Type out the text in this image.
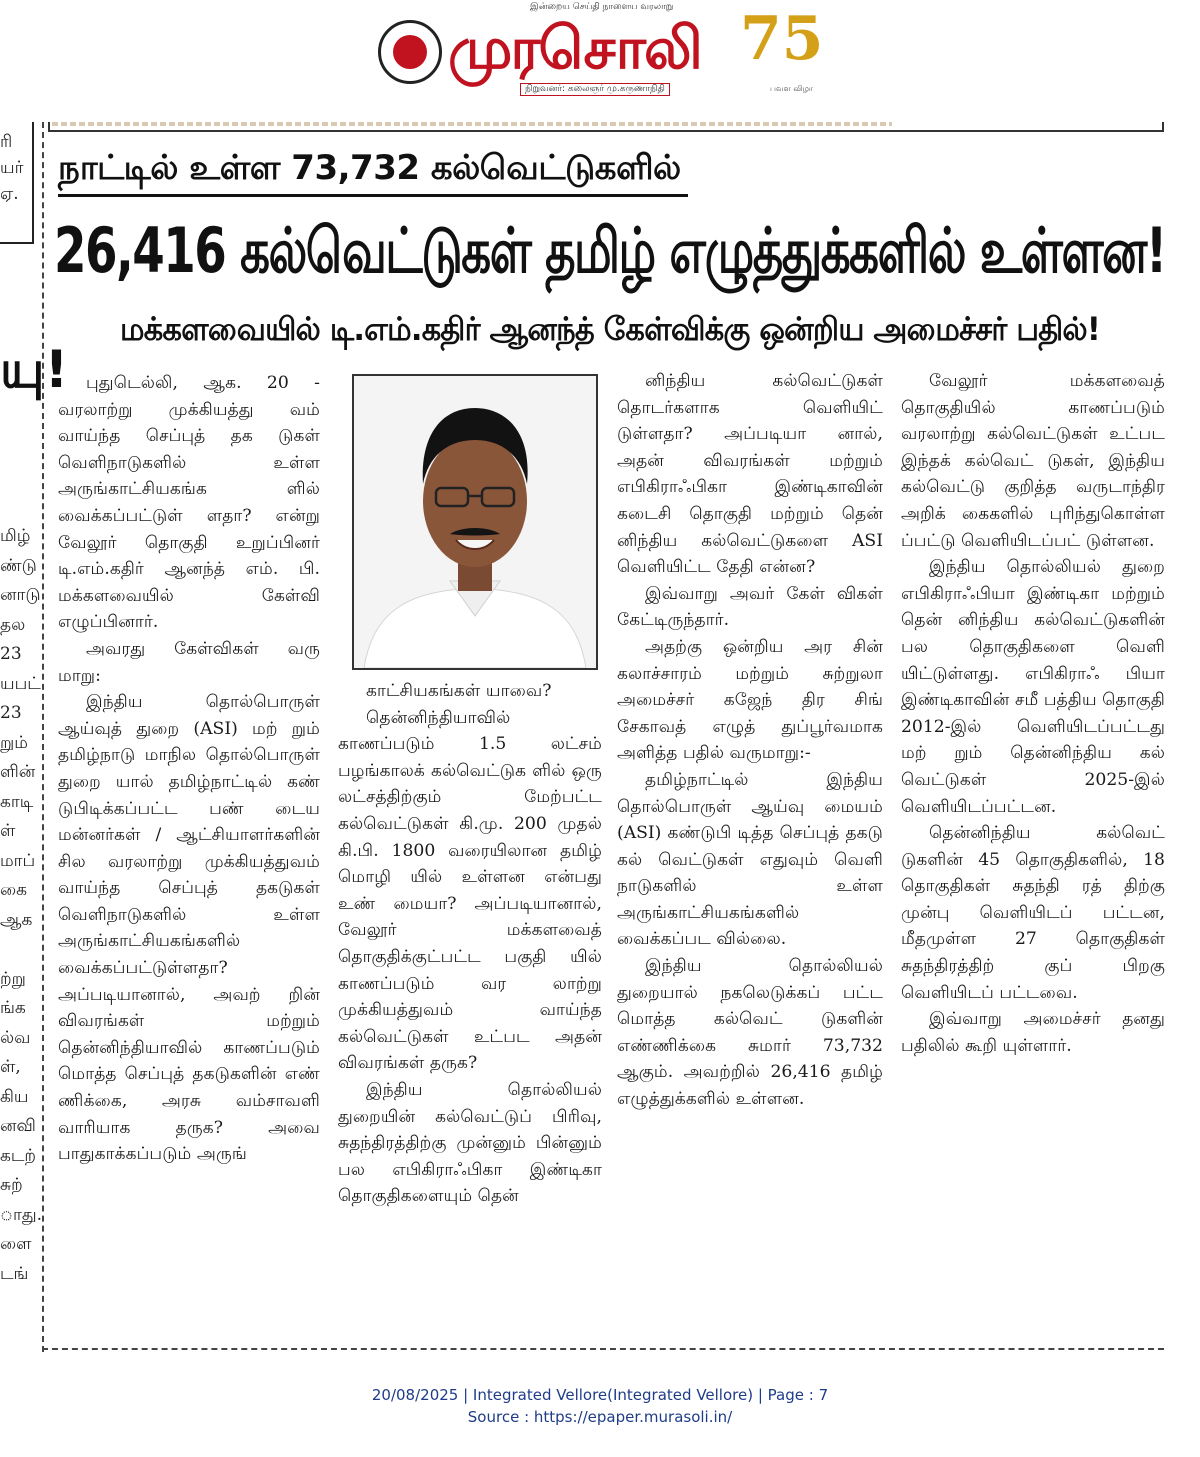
இன்றைய செய்தி நாளைய வரலாறு
முரசொலி
நிறுவனர்: கலைஞர் மு.கருணாநிதி
75
பவள விழா
ரி
யர்
ஏ.
யு!
மிழ்
ண்டு
னாடு
தல
23
யபட்
23
றும்
ளின்
காடி
ள்
மாப்
கை
ஆக
ற்று
ங்க
ல்வ
ள்,
கிய
னவி
கடற்
சுற்
ாது.
ளை
டங்
நாட்டில் உள்ள 73,732 கல்வெட்டுகளில்
26,416 கல்வெட்டுகள் தமிழ் எழுத்துக்களில் உள்ளன!
மக்களவையில் டி.எம்.கதிர் ஆனந்த் கேள்விக்கு ஒன்றிய அமைச்சர் பதில்!

புதுடெல்லி, ஆக. 20 - வரலாற்று முக்கியத்து வம் வாய்ந்த செப்புத் தக டுகள் வெளிநாடுகளில் உள்ள அருங்காட்சியகங்க ளில் வைக்கப்பட்டுள் ளதா? என்று வேலூர் தொகுதி உறுப்பினர் டி.எம்.கதிர் ஆனந்த் எம். பி. மக்களவையில் கேள்வி எழுப்பினார்.

அவரது கேள்விகள் வரு மாறு:

இந்திய தொல்பொருள் ஆய்வுத் துறை (ASI) மற் றும் தமிழ்நாடு மாநில தொல்பொருள் துறை யால் தமிழ்நாட்டில் கண் டுபிடிக்கப்பட்ட பண் டைய மன்னர்கள் / ஆட்சியாளர்களின் சில வரலாற்று முக்கியத்துவம் வாய்ந்த செப்புத் தகடுகள் வெளிநாடுகளில் உள்ள அருங்காட்சியகங்களில் வைக்கப்பட்டுள்ளதா? அப்படியானால், அவற் றின் விவரங்கள் மற்றும் தென்னிந்தியாவில் காணப்படும் மொத்த செப்புத் தகடுகளின் எண் ணிக்கை, அரசு வம்சாவளி வாரியாக தருக? அவை பாதுகாக்கப்படும் அருங்

காட்சியகங்கள் யாவை?

தென்னிந்தியாவில் காணப்படும் 1.5 லட்சம் பழங்காலக் கல்வெட்டுக ளில் ஒரு லட்சத்திற்கும் மேற்பட்ட கல்வெட்டுகள் கி.மு. 200 முதல் கி.பி. 1800 வரையிலான தமிழ் மொழி யில் உள்ளன என்பது உண் மையா? அப்படியானால், வேலூர் மக்களவைத் தொகுதிக்குட்பட்ட பகுதி யில் காணப்படும் வர லாற்று முக்கியத்துவம் வாய்ந்த கல்வெட்டுகள் உட்பட அதன் விவரங்கள் தருக?

இந்திய தொல்லியல் துறையின் கல்வெட்டுப் பிரிவு, சுதந்திரத்திற்கு முன்னும் பின்னும் பல எபிகிராஃபிகா இண்டிகா தொகுதிகளையும் தென்

னிந்திய கல்வெட்டுகள் தொடர்களாக வெளியிட் டுள்ளதா? அப்படியா னால், அதன் விவரங்கள் மற்றும் எபிகிராஃபிகா இண்டிகாவின் கடைசி தொகுதி மற்றும் தென் னிந்திய கல்வெட்டுகளை ASI வெளியிட்ட தேதி என்ன?

இவ்வாறு அவர் கேள் விகள் கேட்டிருந்தார்.

அதற்கு ஒன்றிய அர சின் கலாச்சாரம் மற்றும் சுற்றுலா அமைச்சர் கஜேந் திர சிங் சேகாவத் எழுத் துப்பூர்வமாக அளித்த பதில் வருமாறு:-

தமிழ்நாட்டில் இந்திய தொல்பொருள் ஆய்வு மையம் (ASI) கண்டுபி டித்த செப்புத் தகடு கல் வெட்டுகள் எதுவும் வெளி நாடுகளில் உள்ள அருங்காட்சியகங்களில் வைக்கப்பட வில்லை.

இந்திய தொல்லியல் துறையால் நகலெடுக்கப் பட்ட மொத்த கல்வெட் டுகளின் எண்ணிக்கை சுமார் 73,732 ஆகும். அவற்றில் 26,416 தமிழ் எழுத்துக்களில் உள்ளன.

வேலூர் மக்களவைத் தொகுதியில் காணப்படும் வரலாற்று கல்வெட்டுகள் உட்பட இந்தக் கல்வெட் டுகள், இந்திய கல்வெட்டு குறித்த வருடாந்திர அறிக் கைகளில் புரிந்துகொள்ள ப்பட்டு வெளியிடப்பட் டுள்ளன.

இந்திய தொல்லியல் துறை எபிகிராஃபியா இண்டிகா மற்றும் தென் னிந்திய கல்வெட்டுகளின் பல தொகுதிகளை வெளி யிட்டுள்ளது. எபிகிராஃ பியா இண்டிகாவின் சமீ பத்திய தொகுதி 2012-இல் வெளியிடப்பட்டது மற் றும் தென்னிந்திய கல் வெட்டுகள் 2025-இல் வெளியிடப்பட்டன.

தென்னிந்திய கல்வெட் டுகளின் 45 தொகுதிகளில், 18 தொகுதிகள் சுதந்தி ரத் திற்கு முன்பு வெளியிடப் பட்டன, மீதமுள்ள 27 தொகுதிகள் சுதந்திரத்திற் குப் பிறகு வெளியிடப் பட்டவை.

இவ்வாறு அமைச்சர் தனது பதிலில் கூறி யுள்ளார்.

20/08/2025 | Integrated Vellore(Integrated Vellore) | Page : 7
Source : https://epaper.murasoli.in/
